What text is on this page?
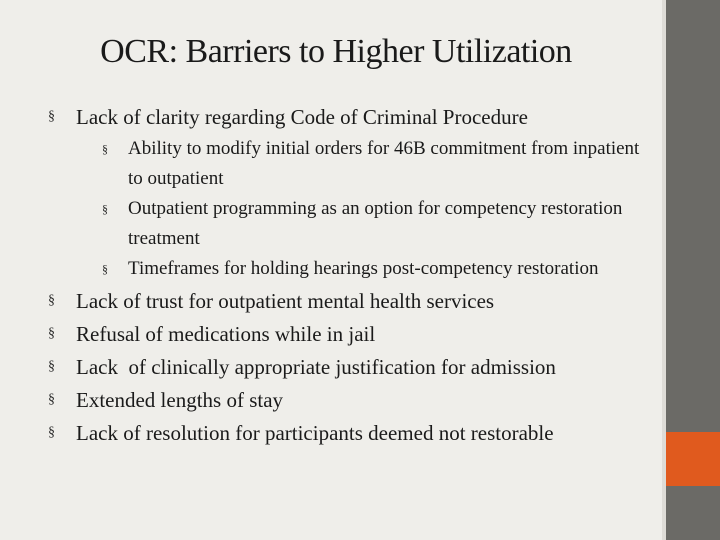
OCR: Barriers to Higher Utilization
§ Lack of clarity regarding Code of Criminal Procedure
§ Ability to modify initial orders for 46B commitment from inpatient to outpatient
§ Outpatient programming as an option for competency restoration treatment
§ Timeframes for holding hearings post-competency restoration
§ Lack of trust for outpatient mental health services
§ Refusal of medications while in jail
§ Lack  of clinically appropriate justification for admission
§ Extended lengths of stay
§ Lack of resolution for participants deemed not restorable
